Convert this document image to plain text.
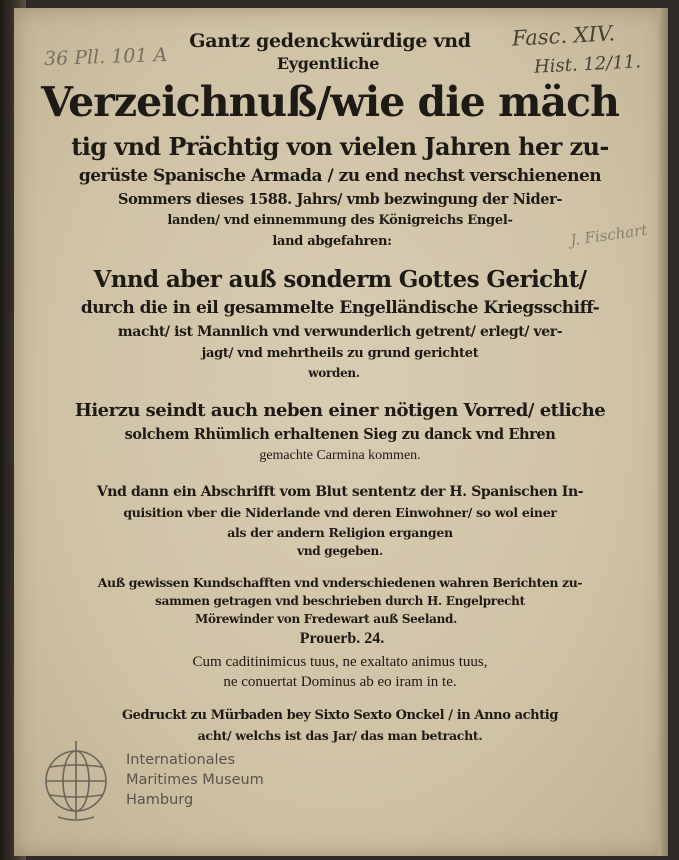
36 Pll. 101 A
Fasc. XIV.
Hist. 12/11.
J. Fischart
Gantz gedenckwürdige vnd
Eygentliche
Verzeichnuß/wie die mäch
tig vnd Prächtig von vielen Jahren her zu-
gerüste Spanische Armada / zu end nechst verschienenen
Sommers dieses 1588. Jahrs/ vmb bezwingung der Nider-
landen/ vnd einnemmung des Königreichs Engel-
land abgefahren:
Vnnd aber auß sonderm Gottes Gericht/
durch die in eil gesammelte Engelländische Kriegsschiff-
macht/ ist Mannlich vnd verwunderlich getrent/ erlegt/ ver-
jagt/ vnd mehrtheils zu grund gerichtet
worden.
Hierzu seindt auch neben einer nötigen Vorred/ etliche
solchem Rhümlich erhaltenen Sieg zu danck vnd Ehren
gemachte Carmina kommen.
Vnd dann ein Abschrifft vom Blut sententz der H. Spanischen In-
quisition vber die Niderlande vnd deren Einwohner/ so wol einer
als der andern Religion ergangen
vnd gegeben.
Auß gewissen Kundschafften vnd vnderschiedenen wahren Berichten zu-
sammen getragen vnd beschrieben durch H. Engelprecht
Mörewinder von Fredewart auß Seeland.
Prouerb. 24.
Cum caditinimicus tuus, ne exaltato animus tuus,
ne conuertat Dominus ab eo iram in te.
Gedruckt zu Mürbaden bey Sixto Sexto Onckel / in Anno achtig
acht/ welchs ist das Jar/ das man betracht.
Internationales
Maritimes Museum
Hamburg
